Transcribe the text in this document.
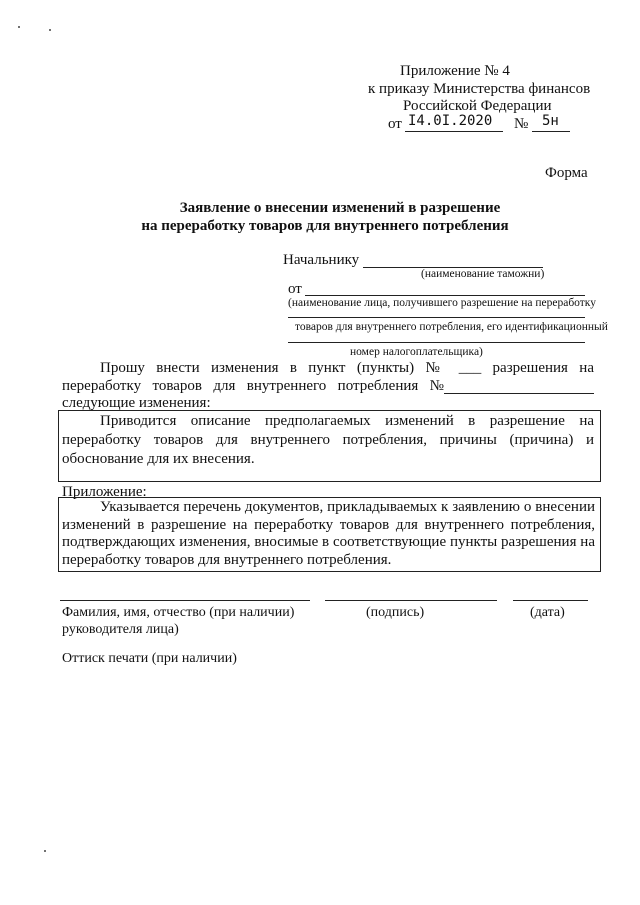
Приложение № 4
к приказу Министерства финансов
Российской Федерации
от I4.0I.2020 № 5н
Форма
Заявление о внесении изменений в разрешение
на переработку товаров для внутреннего потребления
Начальнику
(наименование таможни)
от
(наименование лица, получившего разрешение на переработку
товаров для внутреннего потребления, его идентификационный
номер налогоплательщика)
Прошу внести изменения в пункт (пункты) № ___ разрешения на
переработку товаров для внутреннего потребления №
следующие изменения:
Приводится описание предполагаемых изменений в разрешение на переработку товаров для внутреннего потребления, причины (причина) и обоснование для их внесения.
Приложение:
Указывается перечень документов, прикладываемых к заявлению о внесении изменений в разрешение на переработку товаров для внутреннего потребления, подтверждающих изменения, вносимые в соответствующие пункты разрешения на переработку товаров для внутреннего потребления.
Фамилия, имя, отчество (при наличии)
руководителя лица)
(подпись)	(дата)
Оттиск печати (при наличии)
